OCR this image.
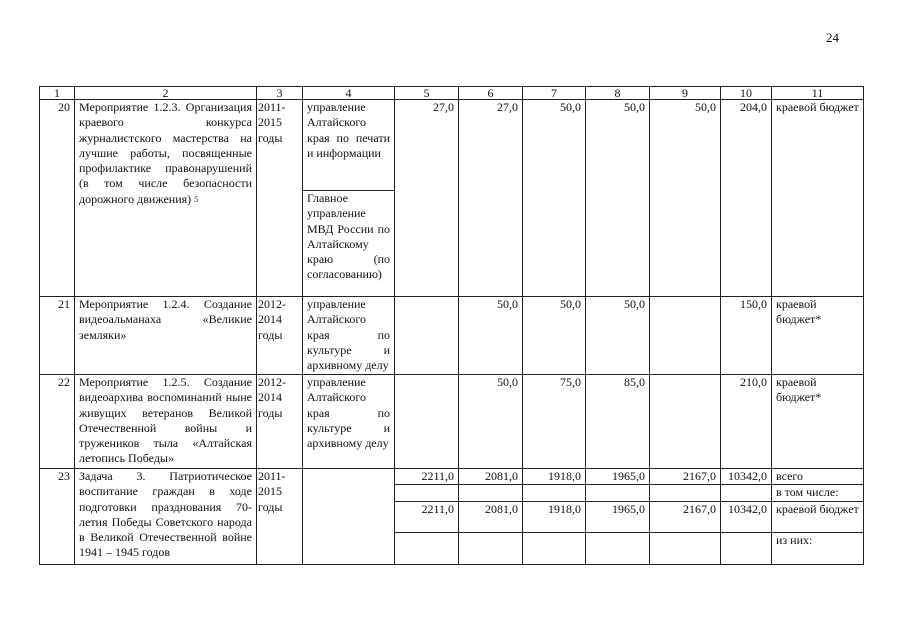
24
1	2	3	4	5	6	7	8	9	10	11
20	Мероприятие 1.2.3. Организация краевого конкурса журналистского мастерства на лучшие работы, посвященные профилактике правонарушений (в том числе безопасности дорожного движения) $^5$	2011-2015 годы	управление Алтайского края по печати и информации	27,0	27,0	50,0	50,0	50,0	204,0	краевой бюджет
			Главное управление МВД России по Алтайскому краю (по согласованию)							
21	Мероприятие 1.2.4. Создание видеоальманаха «Великие земляки»	2012-2014 годы	управление Алтайского края по культуре и архивному делу		50,0	50,0	50,0		150,0	краевой бюджет*
22	Мероприятие 1.2.5. Создание видеоархива воспоминаний ныне живущих ветеранов Великой Отечественной войны и тружеников тыла «Алтайская летопись Победы»	2012-2014 годы	управление Алтайского края по культуре и архивному делу		50,0	75,0	85,0		210,0	краевой бюджет*
23	Задача 3. Патриотическое воспитание граждан в ходе подготовки празднования 70-летия Победы Советского народа в Великой Отечественной войне 1941 – 1945 годов	2011-2015 годы		2211,0	2081,0	1918,0	1965,0	2167,0	10342,0	всего
										в том числе:
				2211,0	2081,0	1918,0	1965,0	2167,0	10342,0	краевой бюджет
										из них:
